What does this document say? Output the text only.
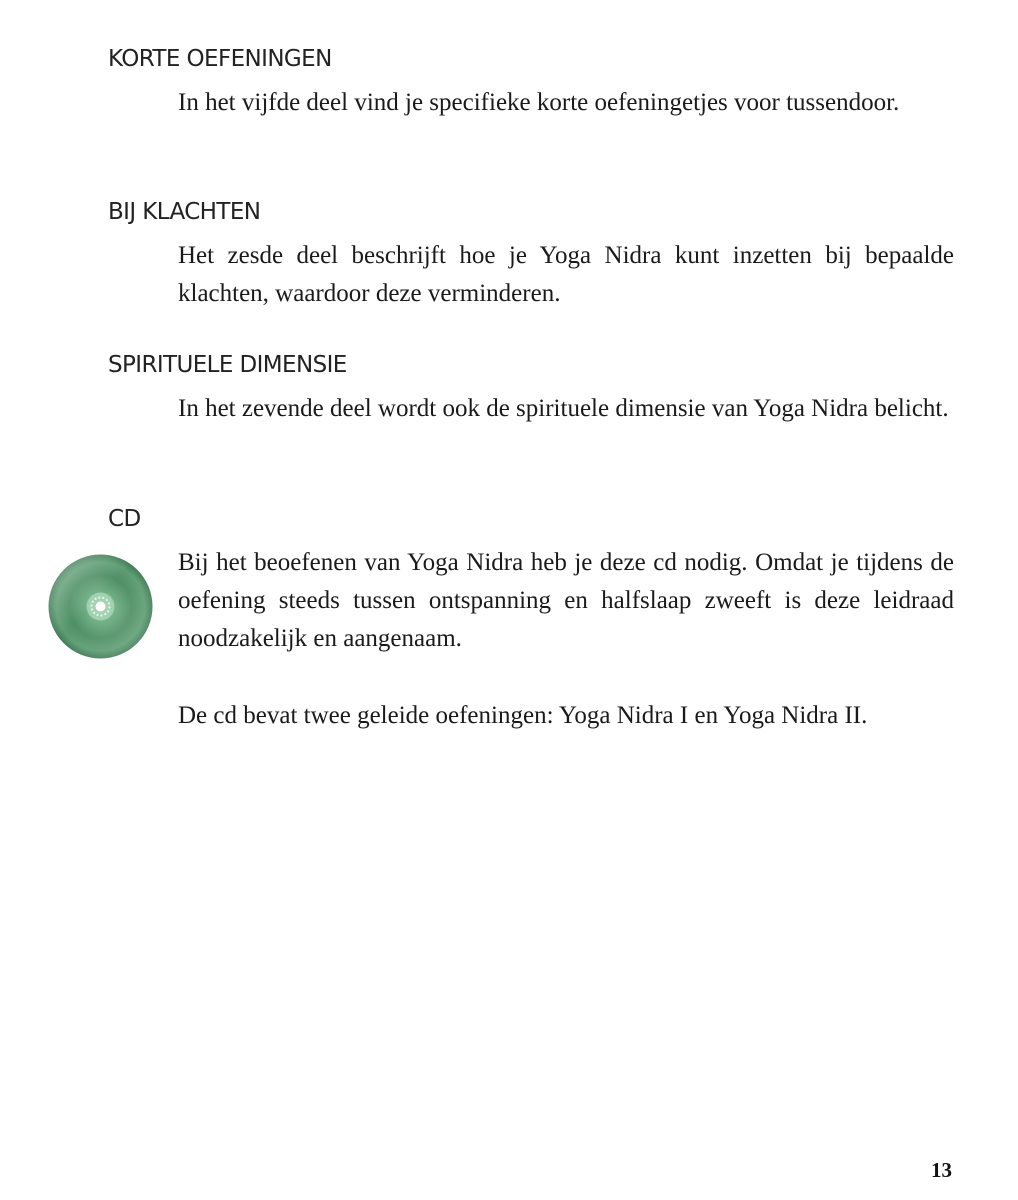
KORTE OEFENINGEN

In het vijfde deel vind je specifieke korte oefeningetjes voor tussendoor.

BIJ KLACHTEN

Het zesde deel beschrijft hoe je Yoga Nidra kunt inzetten bij bepaalde klachten, waardoor deze verminderen.

SPIRITUELE DIMENSIE

In het zevende deel wordt ook de spirituele dimensie van Yoga Nidra belicht.

CD

Bij het beoefenen van Yoga Nidra heb je deze cd nodig. Omdat je tijdens de oefening steeds tussen ontspanning en halfslaap zweeft is deze leidraad noodzakelijk en aangenaam.

De cd bevat twee geleide oefeningen: Yoga Nidra I en Yoga Nidra II.

13
